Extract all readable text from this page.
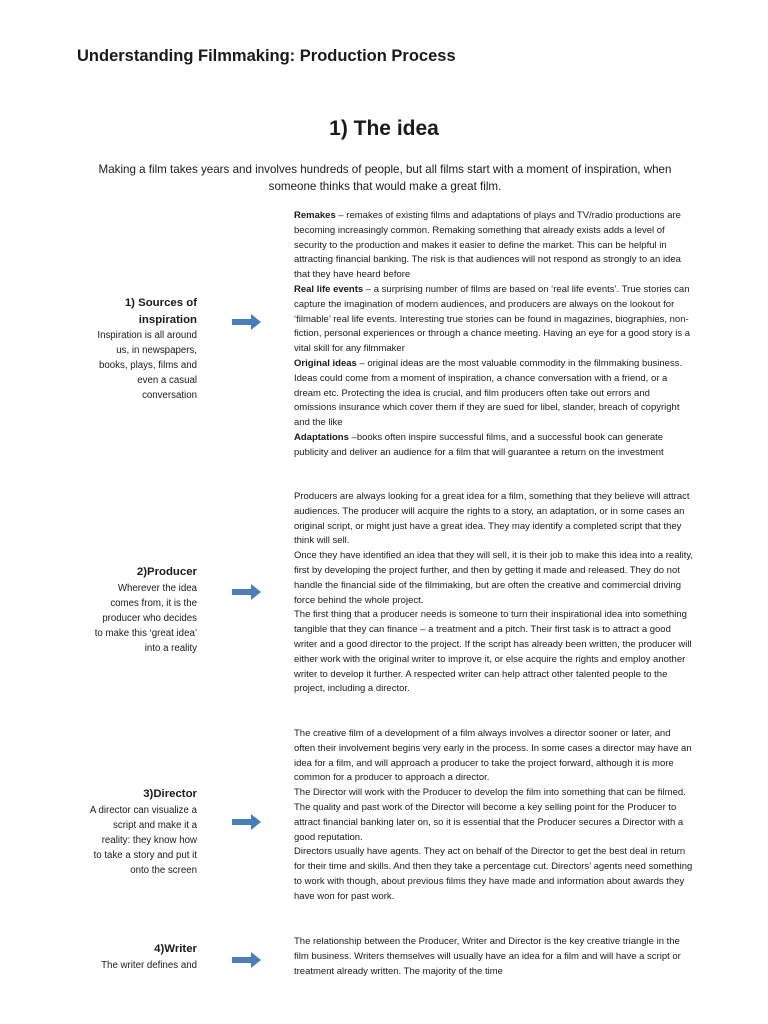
Understanding Filmmaking: Production Process
1) The idea
Making a film takes years and involves hundreds of people, but all films start with a moment of inspiration, when someone thinks that would make a great film.
1) Sources of
inspiration
Inspiration is all around
us, in newspapers,
books, plays, films and
even a casual
conversation

Remakes – remakes of existing films and adaptations of plays and TV/radio productions are becoming increasingly common. Remaking something that already exists adds a level of security to the production and makes it easier to define the market. This can be helpful in attracting financial banking. The risk is that audiences will not respond as strongly to an idea that they have heard before

Real life events – a surprising number of films are based on ‘real life events’. True stories can capture the imagination of modern audiences, and producers are always on the lookout for ‘filmable’ real life events. Interesting true stories can be found in magazines, biographies, non-fiction, personal experiences or through a chance meeting. Having an eye for a good story is a vital skill for any filmmaker

Original ideas – original ideas are the most valuable commodity in the filmmaking business. Ideas could come from a moment of inspiration, a chance conversation with a friend, or a dream etc. Protecting the idea is crucial, and film producers often take out errors and omissions insurance which cover them if they are sued for libel, slander, breach of copyright and the like

Adaptations –books often inspire successful films, and a successful book can generate publicity and deliver an audience for a film that will guarantee a return on the investment

2)Producer
Wherever the idea
comes from, it is the
producer who decides
to make this ‘great idea’
into a reality

Producers are always looking for a great idea for a film, something that they believe will attract audiences. The producer will acquire the rights to a story, an adaptation, or in some cases an original script, or might just have a great idea. They may identify a completed script that they think will sell.

Once they have identified an idea that they will sell, it is their job to make this idea into a reality, first by developing the project further, and then by getting it made and released. They do not handle the financial side of the filmmaking, but are often the creative and commercial driving force behind the whole project.

The first thing that a producer needs is someone to turn their inspirational idea into something tangible that they can finance – a treatment and a pitch. Their first task is to attract a good writer and a good director to the project. If the script has already been written, the producer will either work with the original writer to improve it, or else acquire the rights and employ another writer to develop it further. A respected writer can help attract other talented people to the project, including a director.

3)Director
A director can visualize a
script and make it a
reality: they know how
to take a story and put it
onto the screen

The creative film of a development of a film always involves a director sooner or later, and often their involvement begins very early in the process. In some cases a director may have an idea for a film, and will approach a producer to take the project forward, although it is more common for a producer to approach a director.

The Director will work with the Producer to develop the film into something that can be filmed. The quality and past work of the Director will become a key selling point for the Producer to attract financial banking later on, so it is essential that the Producer secures a Director with a good reputation.

Directors usually have agents. They act on behalf of the Director to get the best deal in return for their time and skills. And then they take a percentage cut. Directors’ agents need something to work with though, about previous films they have made and information about awards they have won for past work.

4)Writer
The writer defines and

The relationship between the Producer, Writer and Director is the key creative triangle in the film business. Writers themselves will usually have an idea for a film and will have a script or treatment already written. The majority of the time
